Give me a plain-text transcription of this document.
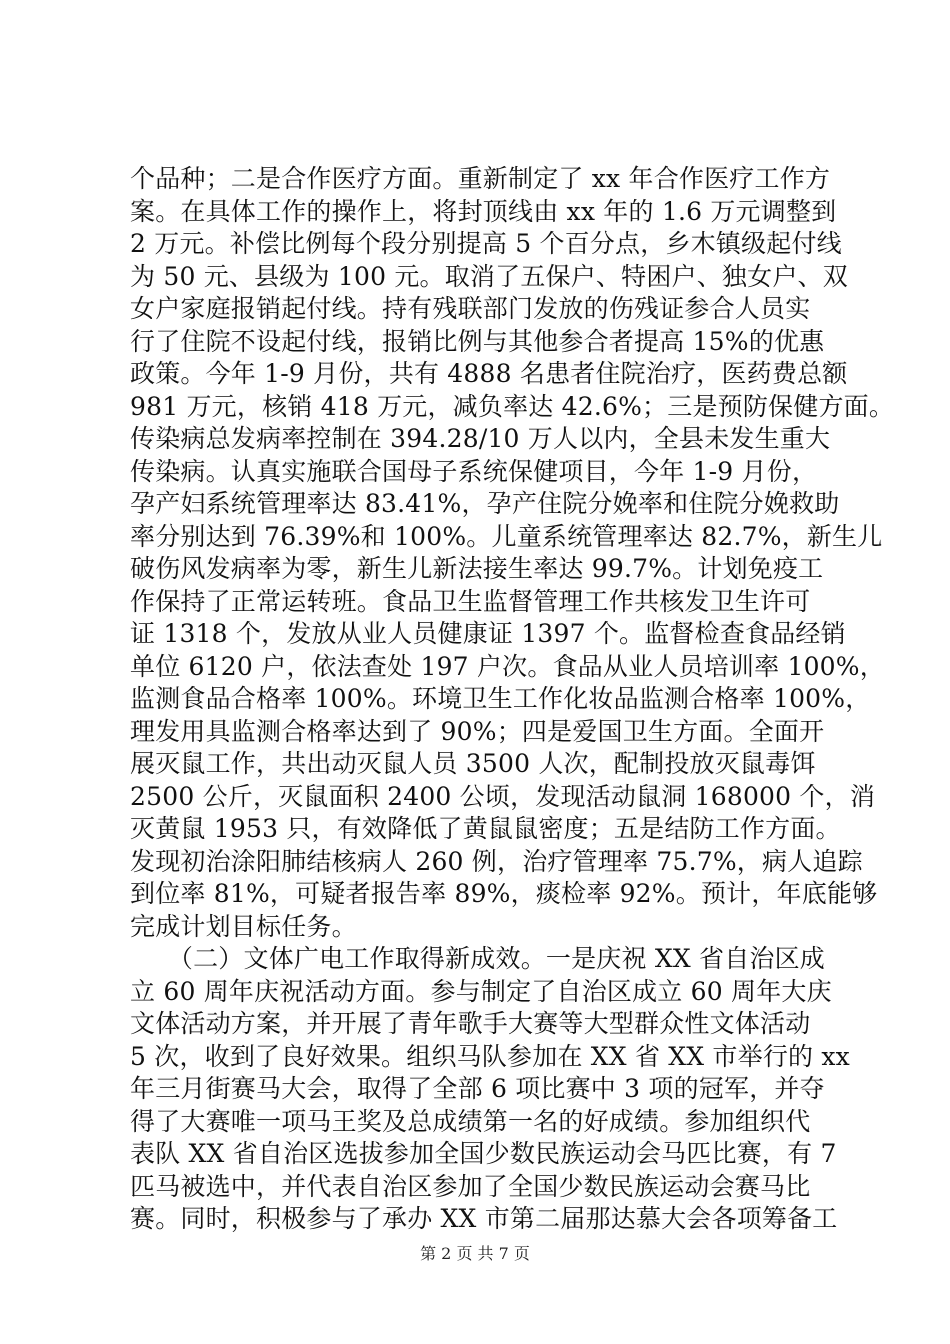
个品种；二是合作医疗方面。重新制定了 xx 年合作医疗工作方
案。在具体工作的操作上，将封顶线由 xx 年的 1.6 万元调整到
2 万元。补偿比例每个段分别提高 5 个百分点，乡木镇级起付线
为 50 元、县级为 100 元。取消了五保户、特困户、独女户、双
女户家庭报销起付线。持有残联部门发放的伤残证参合人员实
行了住院不设起付线，报销比例与其他参合者提高 15%的优惠
政策。今年 1-9 月份，共有 4888 名患者住院治疗，医药费总额
981 万元，核销 418 万元，减负率达 42.6%；三是预防保健方面。
传染病总发病率控制在 394.28/10 万人以内，全县未发生重大
传染病。认真实施联合国母子系统保健项目，今年 1-9 月份，
孕产妇系统管理率达 83.41%，孕产住院分娩率和住院分娩救助
率分别达到 76.39%和 100%。儿童系统管理率达 82.7%，新生儿
破伤风发病率为零，新生儿新法接生率达 99.7%。计划免疫工
作保持了正常运转班。食品卫生监督管理工作共核发卫生许可
证 1318 个，发放从业人员健康证 1397 个。监督检查食品经销
单位 6120 户，依法查处 197 户次。食品从业人员培训率 100%，
监测食品合格率 100%。环境卫生工作化妆品监测合格率 100%，
理发用具监测合格率达到了 90%；四是爱国卫生方面。全面开
展灭鼠工作，共出动灭鼠人员 3500 人次，配制投放灭鼠毒饵
2500 公斤，灭鼠面积 2400 公顷，发现活动鼠洞 168000 个，消
灭黄鼠 1953 只，有效降低了黄鼠鼠密度；五是结防工作方面。
发现初治涂阳肺结核病人 260 例，治疗管理率 75.7%，病人追踪
到位率 81%，可疑者报告率 89%，痰检率 92%。预计，年底能够
完成计划目标任务。
　　（二）文体广电工作取得新成效。一是庆祝 XX 省自治区成
立 60 周年庆祝活动方面。参与制定了自治区成立 60 周年大庆
文体活动方案，并开展了青年歌手大赛等大型群众性文体活动
5 次，收到了良好效果。组织马队参加在 XX 省 XX 市举行的 xx
年三月街赛马大会，取得了全部 6 项比赛中 3 项的冠军，并夺
得了大赛唯一项马王奖及总成绩第一名的好成绩。参加组织代
表队 XX 省自治区选拔参加全国少数民族运动会马匹比赛，有 7
匹马被选中，并代表自治区参加了全国少数民族运动会赛马比
赛。同时，积极参与了承办 XX 市第二届那达慕大会各项筹备工
第 2 页 共 7 页
